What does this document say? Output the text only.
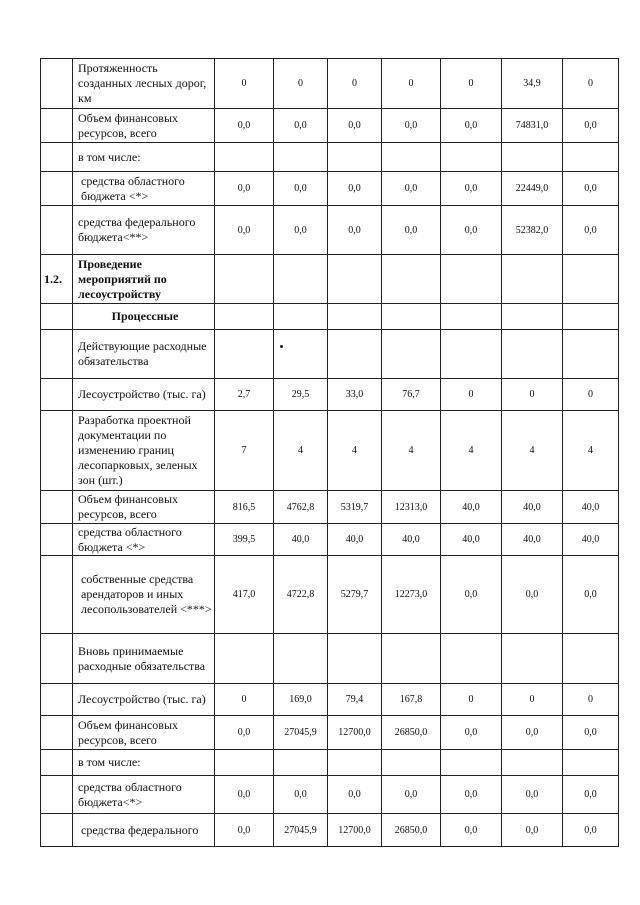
	Протяженность созданных лесных дорог, км	0	0	0	0	0	34,9	0
	Объем финансовых ресурсов, всего	0,0	0,0	0,0	0,0	0,0	74831,0	0,0
	в том числе:							
	средства областного бюджета <*>	0,0	0,0	0,0	0,0	0,0	22449,0	0,0
	средства федерального бюджета<**>	0,0	0,0	0,0	0,0	0,0	52382,0	0,0
1.2.	Проведение мероприятий по лесоустройству							
	Процессные							
	Действующие расходные обязательства							
	Лесоустройство (тыс. га)	2,7	29,5	33,0	76,7	0	0	0
	Разработка проектной документации по изменению границ лесопарковых, зеленых зон (шт.)	7	4	4	4	4	4	4
	Объем финансовых ресурсов, всего	816,5	4762,8	5319,7	12313,0	40,0	40,0	40,0
	средства областного бюджета <*>	399,5	40,0	40,0	40,0	40,0	40,0	40,0
	собственные средства арендаторов и иных лесопользователей <***>	417,0	4722,8	5279,7	12273,0	0,0	0,0	0,0
	Вновь принимаемые расходные обязательства							
	Лесоустройство (тыс. га)	0	169,0	79,4	167,8	0	0	0
	Объем финансовых ресурсов, всего	0,0	27045,9	12700,0	26850,0	0,0	0,0	0,0
	в том числе:							
	средства областного бюджета<*>	0,0	0,0	0,0	0,0	0,0	0,0	0,0
	средства федерального	0,0	27045,9	12700,0	26850,0	0,0	0,0	0,0
